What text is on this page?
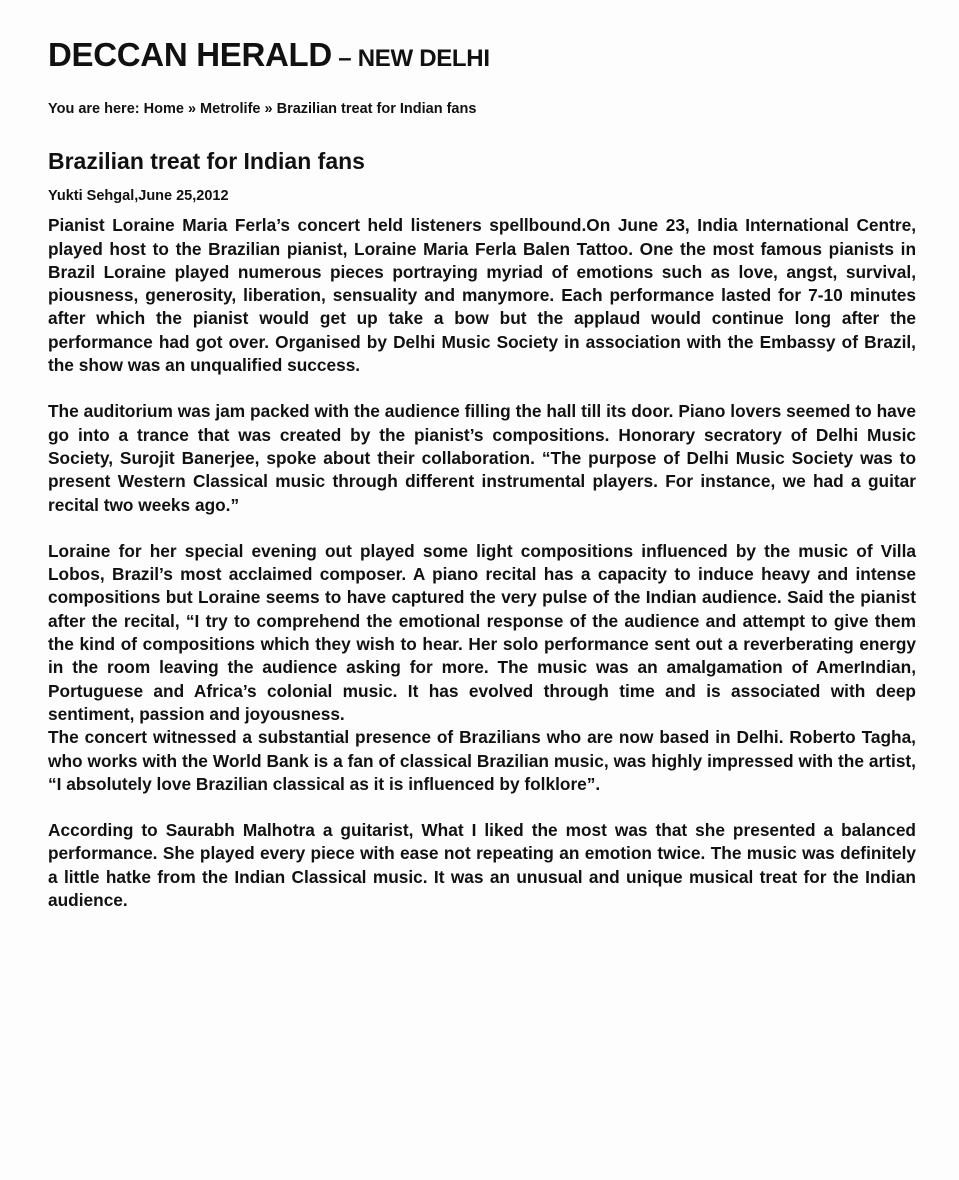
DECCAN HERALD – NEW DELHI
You are here: Home » Metrolife » Brazilian treat for Indian fans
Brazilian treat for Indian fans
Yukti Sehgal,June 25,2012

Pianist Loraine Maria Ferla’s concert held listeners spellbound.On June 23, India International Centre, played host to the Brazilian pianist, Loraine Maria Ferla Balen Tattoo. One the most famous pianists in Brazil Loraine played numerous pieces portraying myriad of emotions such as love, angst, survival, piousness, generosity, liberation, sensuality and manymore. Each performance lasted for 7-10 minutes after which the pianist would get up take a bow but the applaud would continue long after the performance had got over. Organised by Delhi Music Society in association with the Embassy of Brazil, the show was an unqualified success.

The auditorium was jam packed with the audience filling the hall till its door. Piano lovers seemed to have go into a trance that was created by the pianist’s compositions. Honorary secratory of Delhi Music Society, Surojit Banerjee, spoke about their collaboration. “The purpose of Delhi Music Society was to present Western Classical music through different instrumental players. For instance, we had a guitar recital two weeks ago.”

Loraine for her special evening out played some light compositions influenced by the music of Villa Lobos, Brazil’s most acclaimed composer. A piano recital has a capacity to induce heavy and intense compositions but Loraine seems to have captured the very pulse of the Indian audience. Said the pianist after the recital, “I try to comprehend the emotional response of the audience and attempt to give them the kind of compositions which they wish to hear. Her solo performance sent out a reverberating energy in the room leaving the audience asking for more. The music was an amalgamation of AmerIndian, Portuguese and Africa’s colonial music. It has evolved through time and is associated with deep sentiment, passion and joyousness.

The concert witnessed a substantial presence of Brazilians who are now based in Delhi. Roberto Tagha, who works with the World Bank is a fan of classical Brazilian music, was highly impressed with the artist, “I absolutely love Brazilian classical as it is influenced by folklore”.

According to Saurabh Malhotra a guitarist, What I liked the most was that she presented a balanced performance. She played every piece with ease not repeating an emotion twice. The music was definitely a little hatke from the Indian Classical music. It was an unusual and unique musical treat for the Indian audience.
